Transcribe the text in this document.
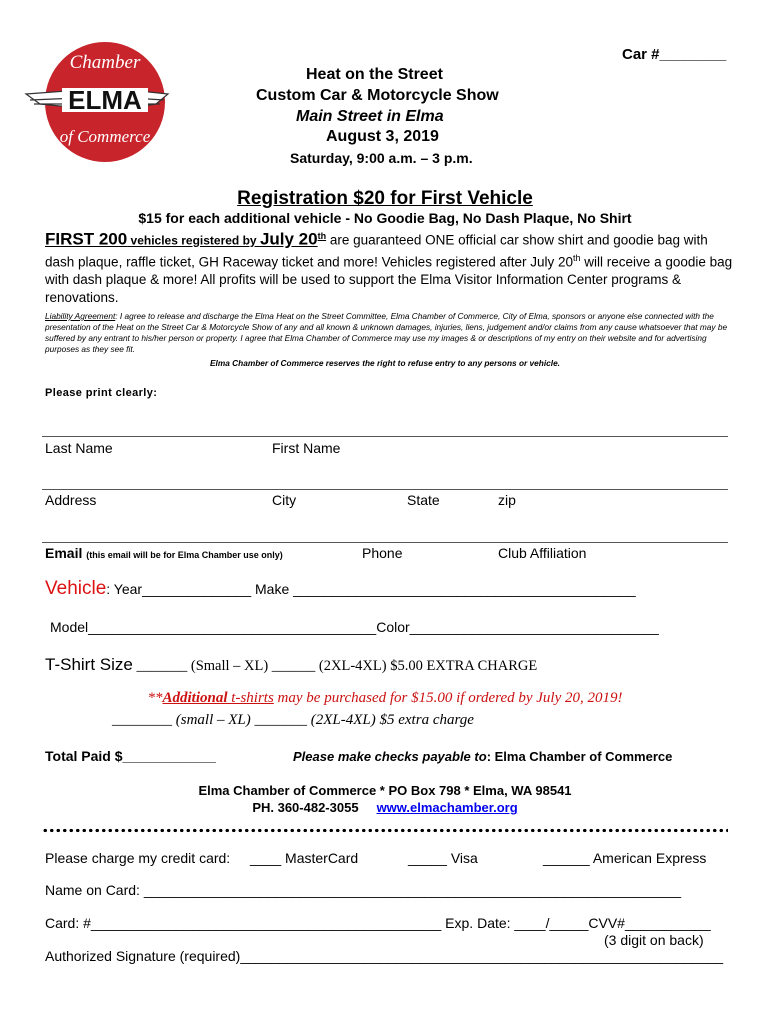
Chamber
ELMA
of Commerce
Car #________
Heat on the Street
Custom Car & Motorcycle Show
Main Street in Elma
August 3, 2019
Saturday, 9:00 a.m. – 3 p.m.
Registration $20 for First Vehicle
$15 for each additional vehicle - No Goodie Bag, No Dash Plaque, No Shirt
FIRST 200 vehicles registered by July 20th are guaranteed ONE official car show shirt and goodie bag with dash plaque, raffle ticket, GH Raceway ticket and more! Vehicles registered after July 20th will receive a goodie bag with dash plaque & more! All profits will be used to support the Elma Visitor Information Center programs & renovations.
Liability Agreement: I agree to release and discharge the Elma Heat on the Street Committee, Elma Chamber of Commerce, City of Elma, sponsors or anyone else connected with the presentation of the Heat on the Street Car & Motorcycle Show of any and all known & unknown damages, injuries, liens, judgement and/or claims from any cause whatsoever that may be suffered by any entrant to his/her person or property. I agree that Elma Chamber of Commerce may use my images & or descriptions of my entry on their website and for advertising purposes as they see fit.
Elma Chamber of Commerce reserves the right to refuse entry to any persons or vehicle.
Please print clearly:
Last Name	First Name
Address	City	State	zip
Email (this email will be for Elma Chamber use only)	Phone	Club Affiliation
Vehicle: Year______________ Make ____________________________________________
Model_____________________________________Color________________________________
T-Shirt Size _______ (Small – XL) ______ (2XL-4XL) $5.00 EXTRA CHARGE
**Additional t-shirts may be purchased for $15.00 if ordered by July 20, 2019!
________ (small – XL) _______ (2XL-4XL) $5 extra charge
Total Paid $____________	Please make checks payable to: Elma Chamber of Commerce
Elma Chamber of Commerce * PO Box 798 * Elma, WA 98541
PH. 360-482-3055 www.elmachamber.org
Please charge my credit card: ____ MasterCard	_____ Visa	______ American Express
Name on Card: _____________________________________________________________________
Card: #_____________________________________________ Exp. Date: ____/_____CVV#___________
(3 digit on back)
Authorized Signature (required)______________________________________________________________
